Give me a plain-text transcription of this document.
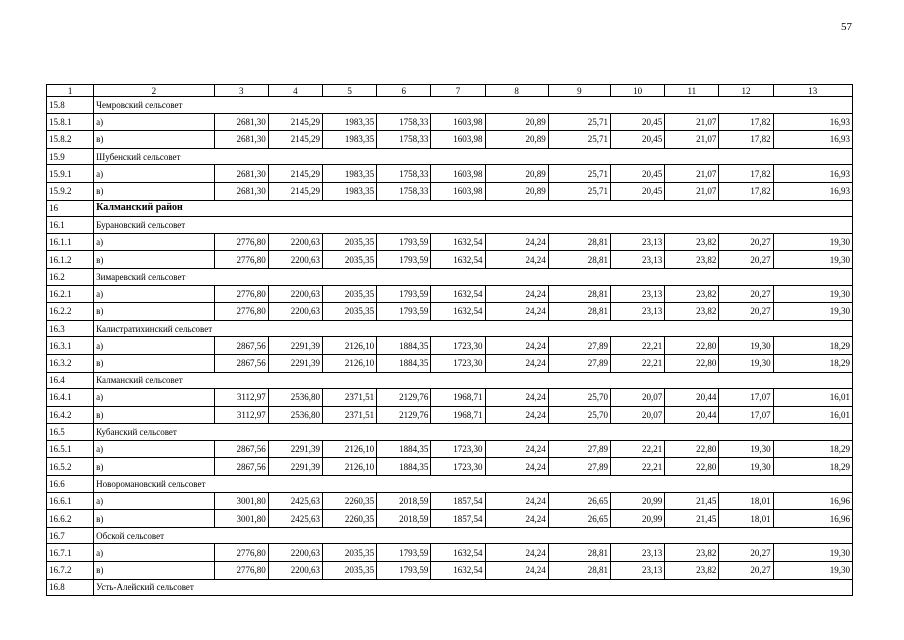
57
1	2	3	4	5	6	7	8	9	10	11	12	13
15.8	Чемровский сельсовет											
15.8.1	а)	2681,30	2145,29	1983,35	1758,33	1603,98	20,89	25,71	20,45	21,07	17,82	16,93
15.8.2	в)	2681,30	2145,29	1983,35	1758,33	1603,98	20,89	25,71	20,45	21,07	17,82	16,93
15.9	Шубенский сельсовет											
15.9.1	а)	2681,30	2145,29	1983,35	1758,33	1603,98	20,89	25,71	20,45	21,07	17,82	16,93
15.9.2	в)	2681,30	2145,29	1983,35	1758,33	1603,98	20,89	25,71	20,45	21,07	17,82	16,93
16	Калманский район											
16.1	Бурановский сельсовет											
16.1.1	а)	2776,80	2200,63	2035,35	1793,59	1632,54	24,24	28,81	23,13	23,82	20,27	19,30
16.1.2	в)	2776,80	2200,63	2035,35	1793,59	1632,54	24,24	28,81	23,13	23,82	20,27	19,30
16.2	Зимаревский сельсовет											
16.2.1	а)	2776,80	2200,63	2035,35	1793,59	1632,54	24,24	28,81	23,13	23,82	20,27	19,30
16.2.2	в)	2776,80	2200,63	2035,35	1793,59	1632,54	24,24	28,81	23,13	23,82	20,27	19,30
16.3	Калистратихинский сельсовет											
16.3.1	а)	2867,56	2291,39	2126,10	1884,35	1723,30	24,24	27,89	22,21	22,80	19,30	18,29
16.3.2	в)	2867,56	2291,39	2126,10	1884,35	1723,30	24,24	27,89	22,21	22,80	19,30	18,29
16.4	Калманский сельсовет											
16.4.1	а)	3112,97	2536,80	2371,51	2129,76	1968,71	24,24	25,70	20,07	20,44	17,07	16,01
16.4.2	в)	3112,97	2536,80	2371,51	2129,76	1968,71	24,24	25,70	20,07	20,44	17,07	16,01
16.5	Кубанский сельсовет											
16.5.1	а)	2867,56	2291,39	2126,10	1884,35	1723,30	24,24	27,89	22,21	22,80	19,30	18,29
16.5.2	в)	2867,56	2291,39	2126,10	1884,35	1723,30	24,24	27,89	22,21	22,80	19,30	18,29
16.6	Новоромановский сельсовет											
16.6.1	а)	3001,80	2425,63	2260,35	2018,59	1857,54	24,24	26,65	20,99	21,45	18,01	16,96
16.6.2	в)	3001,80	2425,63	2260,35	2018,59	1857,54	24,24	26,65	20,99	21,45	18,01	16,96
16.7	Обской сельсовет											
16.7.1	а)	2776,80	2200,63	2035,35	1793,59	1632,54	24,24	28,81	23,13	23,82	20,27	19,30
16.7.2	в)	2776,80	2200,63	2035,35	1793,59	1632,54	24,24	28,81	23,13	23,82	20,27	19,30
16.8	Усть-Алейский сельсовет											
